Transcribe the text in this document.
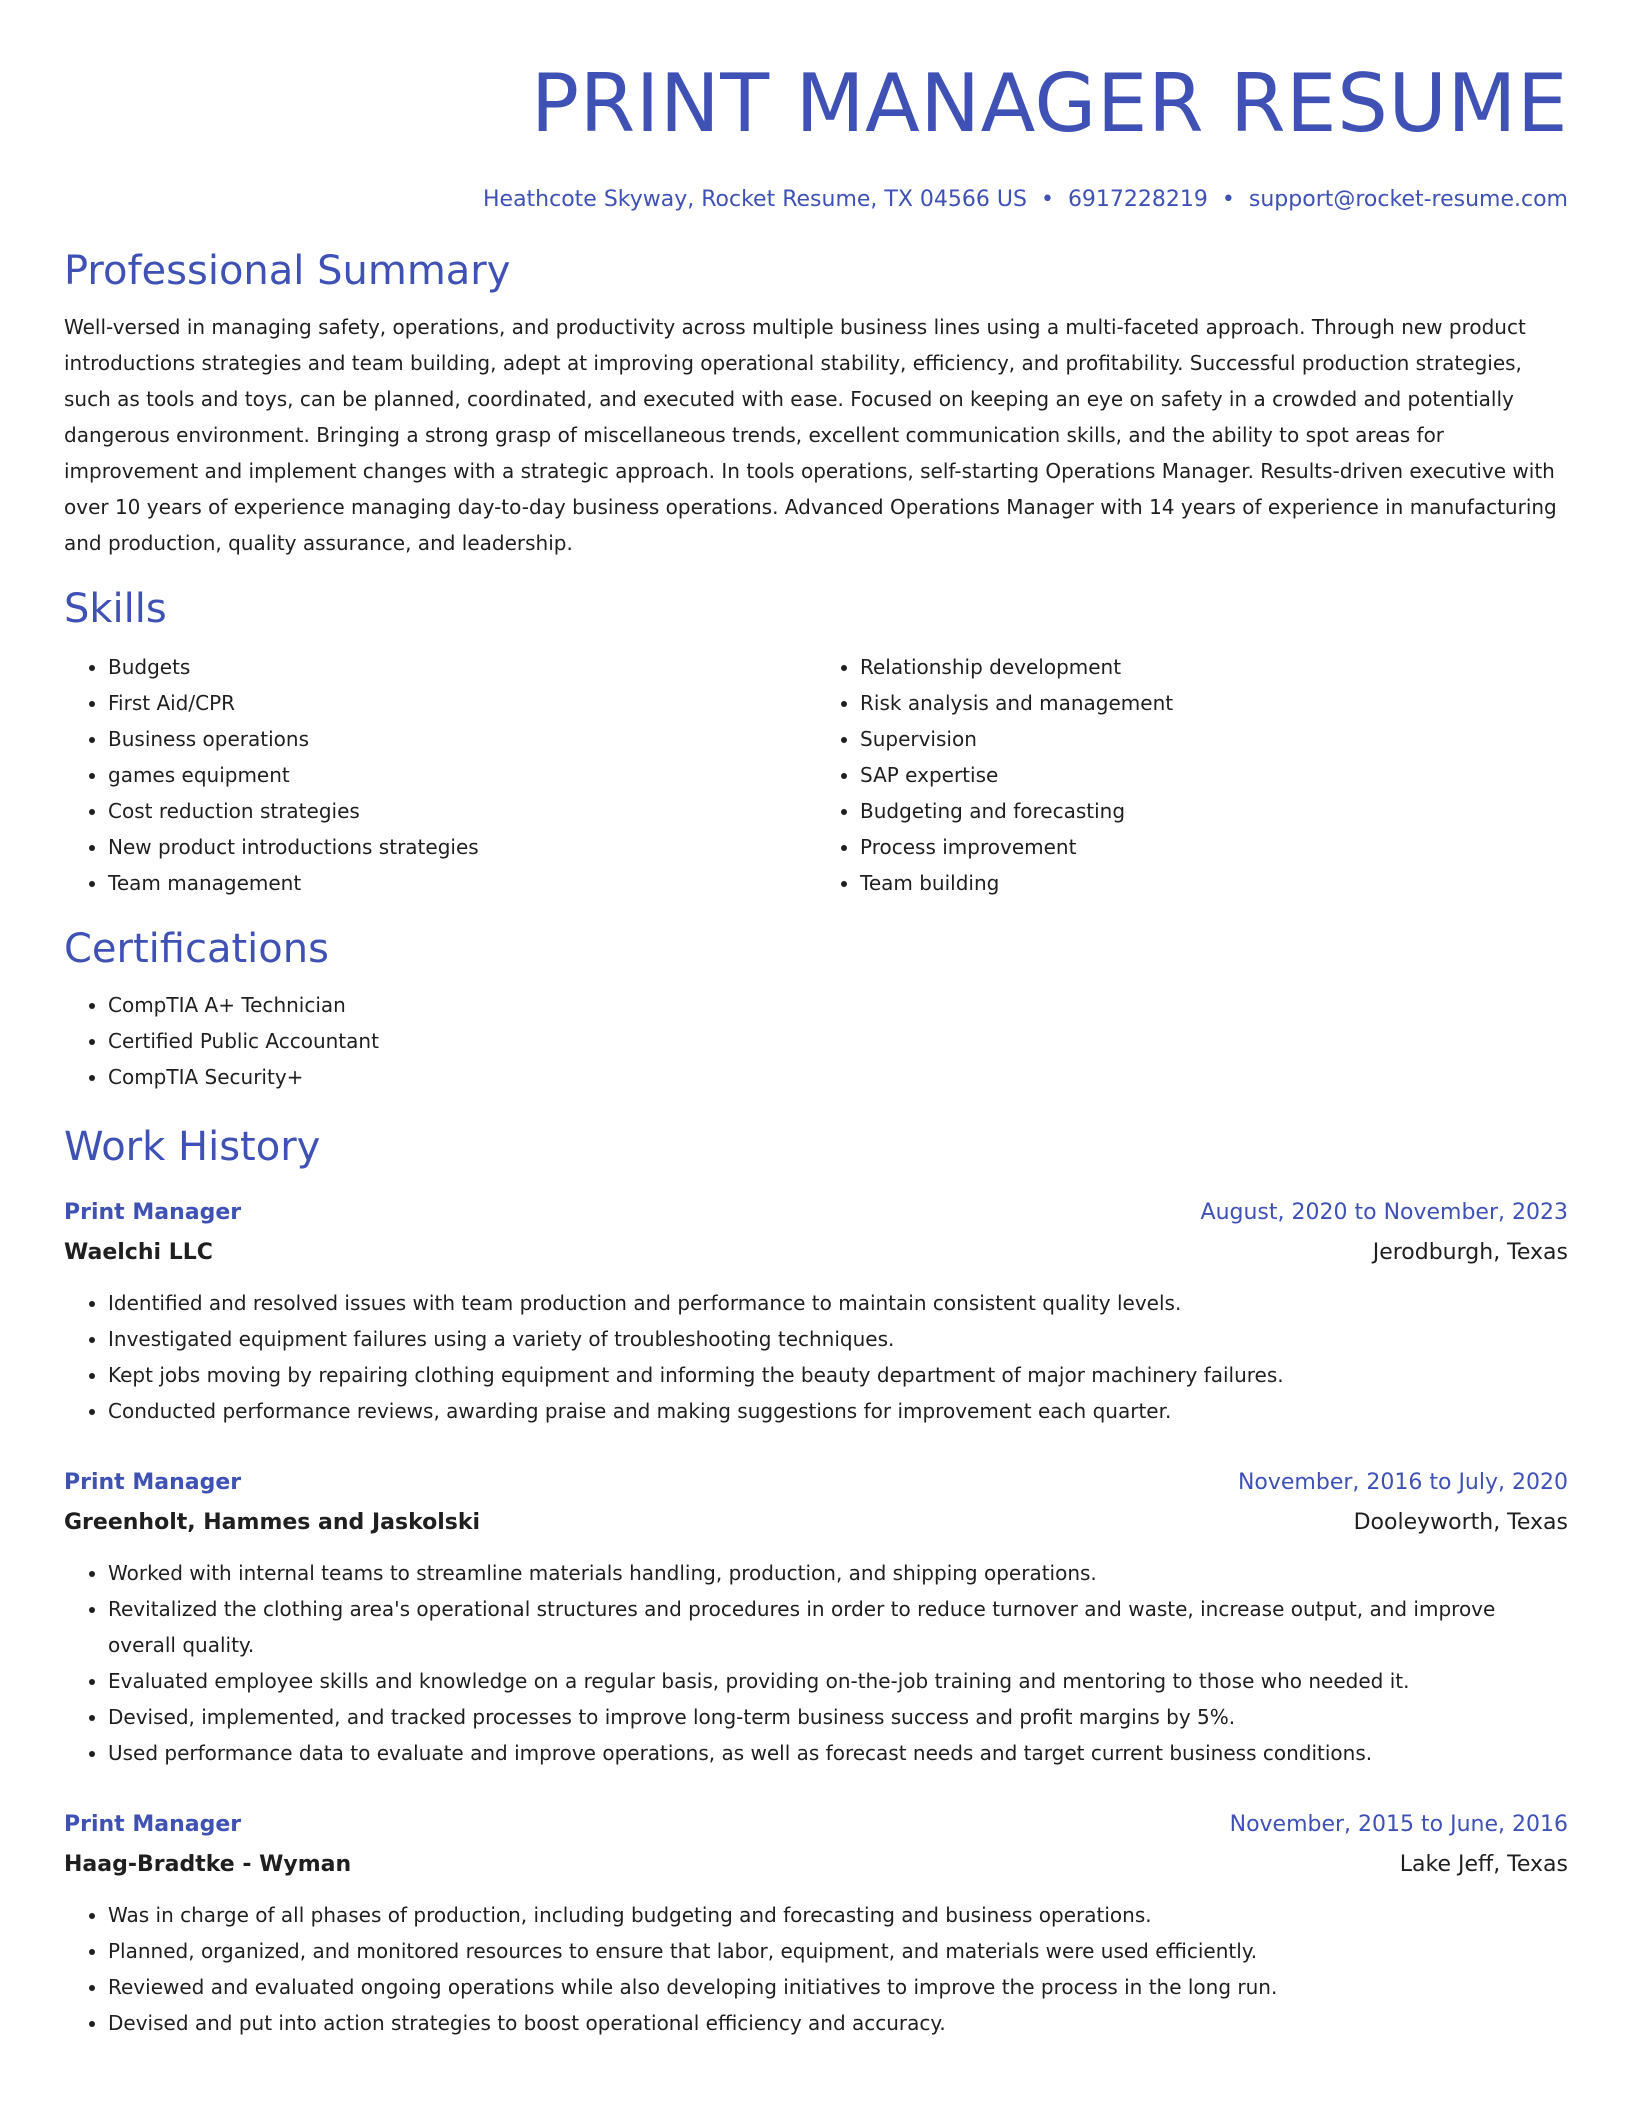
PRINT MANAGER RESUME
Heathcote Skyway, Rocket Resume, TX 04566 US • 6917228219 • support@rocket-resume.com
Professional Summary
Well-versed in managing safety, operations, and productivity across multiple business lines using a multi-faceted approach. Through new product introductions strategies and team building, adept at improving operational stability, efficiency, and profitability. Successful production strategies, such as tools and toys, can be planned, coordinated, and executed with ease. Focused on keeping an eye on safety in a crowded and potentially dangerous environment. Bringing a strong grasp of miscellaneous trends, excellent communication skills, and the ability to spot areas for improvement and implement changes with a strategic approach. In tools operations, self-starting Operations Manager. Results-driven executive with over 10 years of experience managing day-to-day business operations. Advanced Operations Manager with 14 years of experience in manufacturing and production, quality assurance, and leadership.
Skills
• Budgets
• First Aid/CPR
• Business operations
• games equipment
• Cost reduction strategies
• New product introductions strategies
• Team management
• Relationship development
• Risk analysis and management
• Supervision
• SAP expertise
• Budgeting and forecasting
• Process improvement
• Team building
Certifications
• CompTIA A+ Technician
• Certified Public Accountant
• CompTIA Security+
Work History
Print Manager	August, 2020 to November, 2023
Waelchi LLC	Jerodburgh, Texas
• Identified and resolved issues with team production and performance to maintain consistent quality levels.
• Investigated equipment failures using a variety of troubleshooting techniques.
• Kept jobs moving by repairing clothing equipment and informing the beauty department of major machinery failures.
• Conducted performance reviews, awarding praise and making suggestions for improvement each quarter.
Print Manager	November, 2016 to July, 2020
Greenholt, Hammes and Jaskolski	Dooleyworth, Texas
• Worked with internal teams to streamline materials handling, production, and shipping operations.
• Revitalized the clothing area's operational structures and procedures in order to reduce turnover and waste, increase output, and improve overall quality.
• Evaluated employee skills and knowledge on a regular basis, providing on-the-job training and mentoring to those who needed it.
• Devised, implemented, and tracked processes to improve long-term business success and profit margins by 5%.
• Used performance data to evaluate and improve operations, as well as forecast needs and target current business conditions.
Print Manager	November, 2015 to June, 2016
Haag-Bradtke - Wyman	Lake Jeff, Texas
• Was in charge of all phases of production, including budgeting and forecasting and business operations.
• Planned, organized, and monitored resources to ensure that labor, equipment, and materials were used efficiently.
• Reviewed and evaluated ongoing operations while also developing initiatives to improve the process in the long run.
• Devised and put into action strategies to boost operational efficiency and accuracy.
